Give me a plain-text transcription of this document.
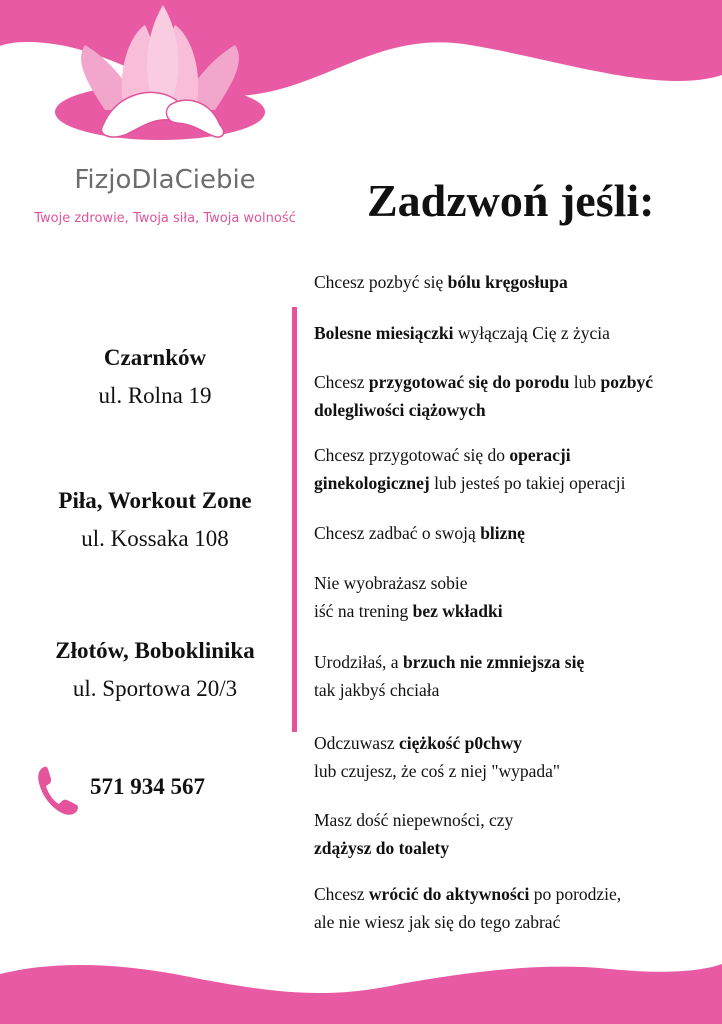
FizjoDlaCiebie
Twoje zdrowie, Twoja siła, Twoja wolność	Zadzwoń jeśli:
Czarnków
ul. Rolna 19
Piła, Workout Zone
ul. Kossaka 108
Złotów, Boboklinika
ul. Sportowa 20/3
571 934 567
Chcesz pozbyć się bólu kręgosłupa
Bolesne miesiączki wyłączają Cię z życia
Chcesz przygotować się do porodu lub pozbyć
dolegliwości ciążowych
Chcesz przygotować się do operacji
ginekologicznej lub jesteś po takiej operacji
Chcesz zadbać o swoją bliznę
Nie wyobrażasz sobie
iść na trening bez wkładki
Urodziłaś, a brzuch nie zmniejsza się
tak jakbyś chciała
Odczuwasz ciężkość p0chwy
lub czujesz, że coś z niej "wypada"
Masz dość niepewności, czy
zdążysz do toalety
Chcesz wrócić do aktywności po porodzie,
ale nie wiesz jak się do tego zabrać
